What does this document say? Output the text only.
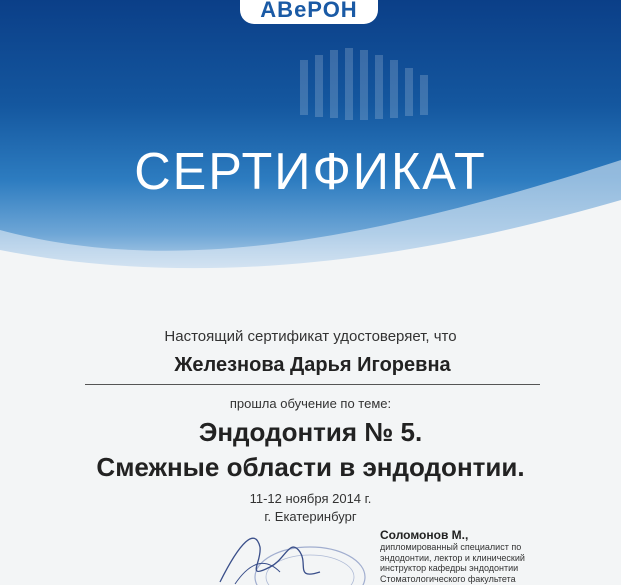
АВеРОН
СЕРТИФИКАТ
Настоящий сертификат удостоверяет, что
Железнова Дарья Игоревна
прошла обучение по теме:
Эндодонтия № 5.
Смежные области в эндодонтии.
11-12 ноября 2014 г.
г. Екатеринбург
Соломонов М.,
дипломированный специалист по
эндодонтии, лектор и клинический
инструктор кафедры эндодонтии
Стоматологического факультета
